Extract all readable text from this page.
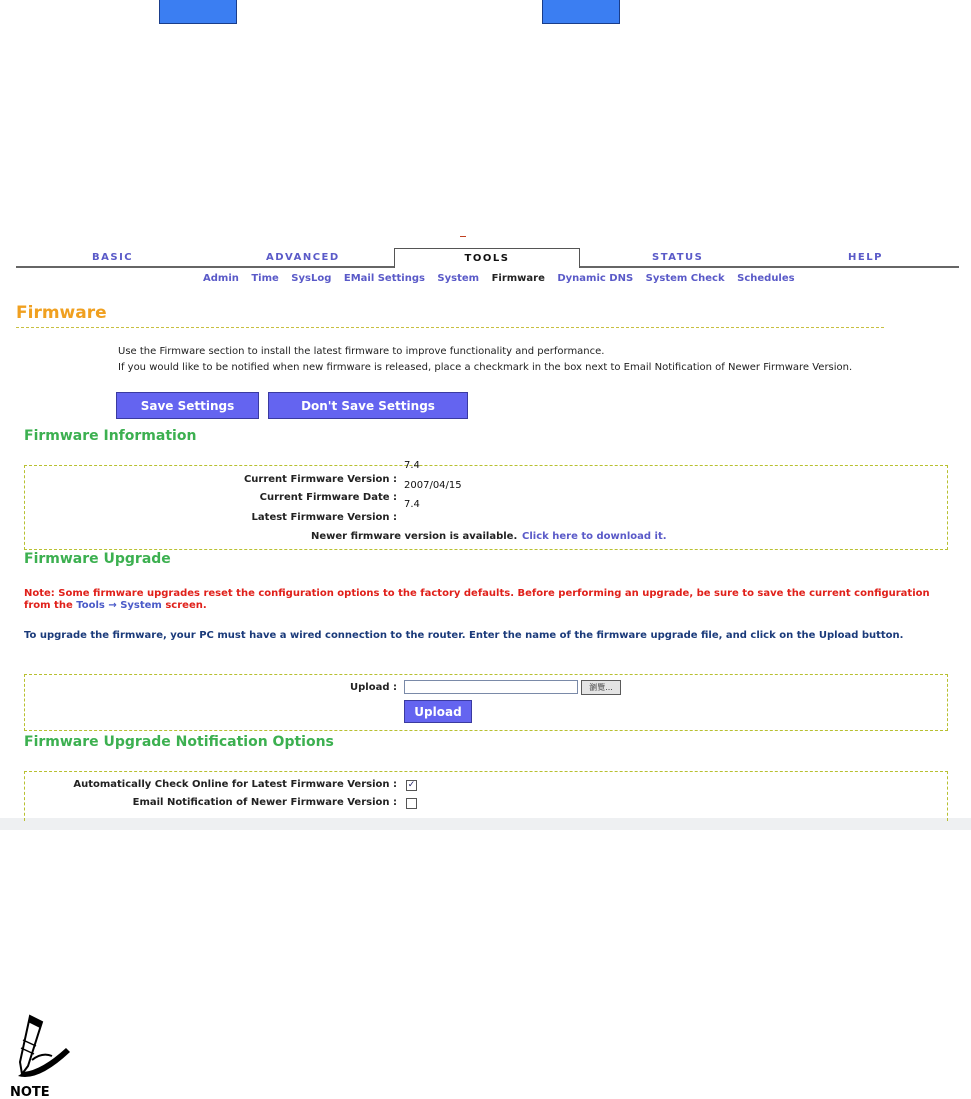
BASIC	ADVANCED	TOOLS	STATUS	HELP
Admin Time SysLog EMail Settings System Firmware Dynamic DNS System Check Schedules
Firmware
Use the Firmware section to install the latest firmware to improve functionality and performance.
If you would like to be notified when new firmware is released, place a checkmark in the box next to Email Notification of Newer Firmware Version.
Save Settings	Don't Save Settings
Firmware Information
Current Firmware Version :
7.4
Current Firmware Date :
2007/04/15
Latest Firmware Version :
7.4
Newer firmware version is available. Click here to download it.
Firmware Upgrade
Note: Some firmware upgrades reset the configuration options to the factory defaults. Before performing an upgrade, be sure to save the current configuration from the Tools → System screen.
To upgrade the firmware, your PC must have a wired connection to the router. Enter the name of the firmware upgrade file, and click on the Upload button.
Upload :	瀏覽...
Upload
Firmware Upgrade Notification Options
Automatically Check Online for Latest Firmware Version : ✓
Email Notification of Newer Firmware Version :
NOTE
